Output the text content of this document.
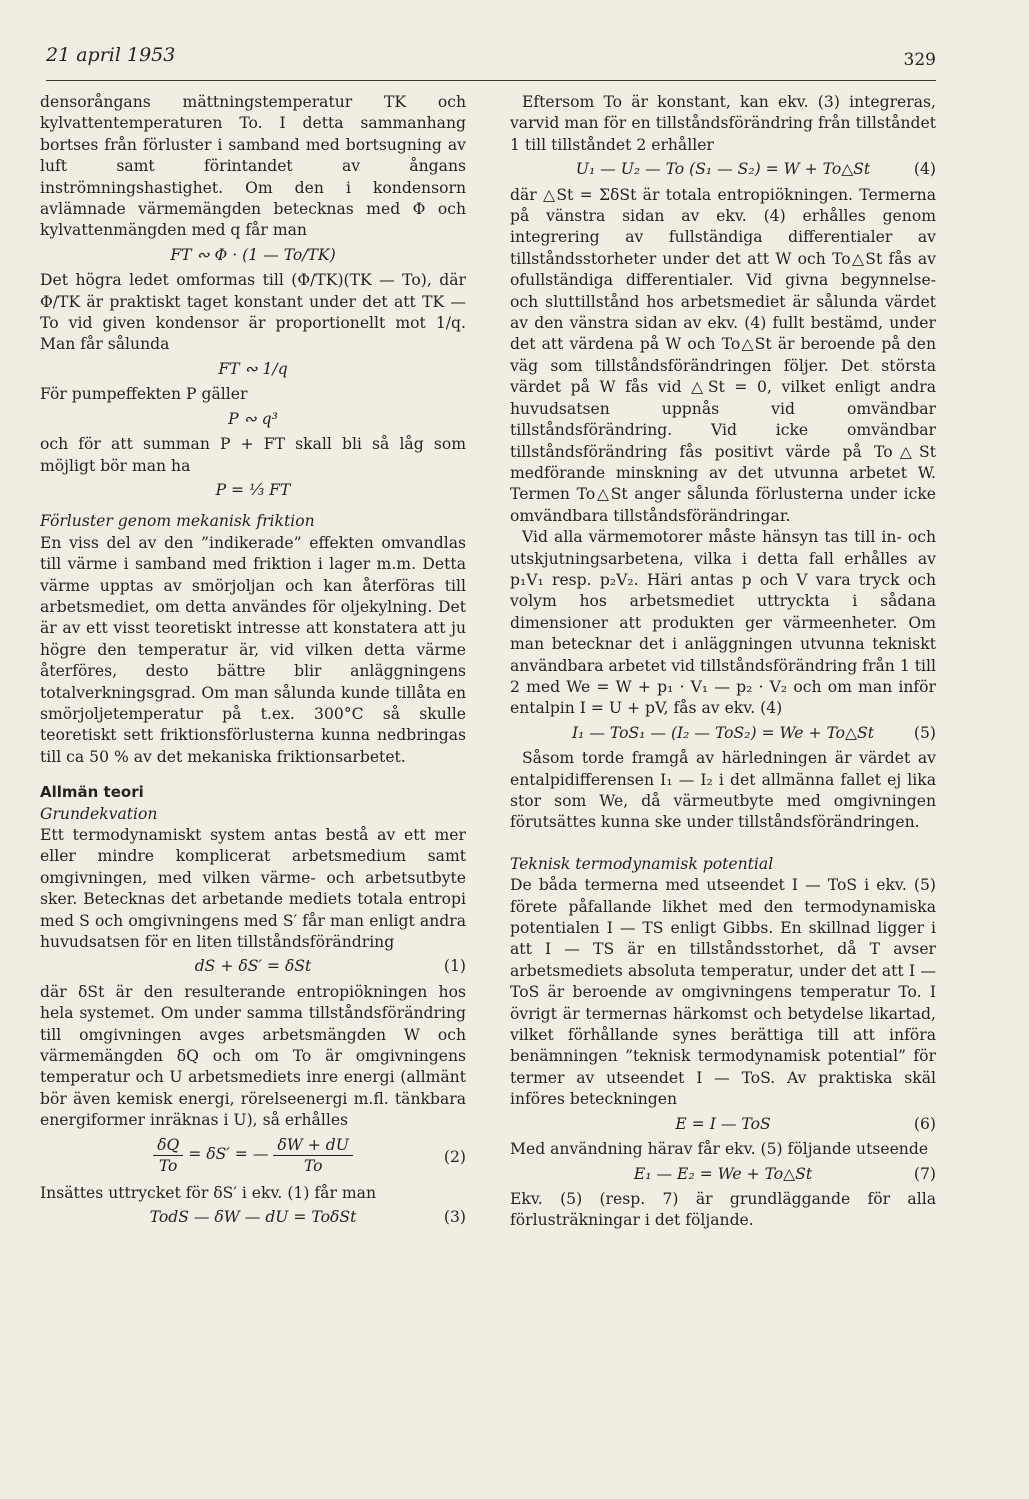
21 april 1953	329

densorångans mättningstemperatur TK och kylvattentemperaturen To. I detta sammanhang bortses från förluster i samband med bortsugning av luft samt förintandet av ångans inströmningshastighet. Om den i kondensorn avlämnade värmemängden betecknas med Φ och kylvattenmängden med q får man

FT ∾ Φ · (1 — To/TK)

Det högra ledet omformas till (Φ/TK)(TK — To), där Φ/TK är praktiskt taget konstant under det att TK — To vid given kondensor är proportionellt mot 1/q. Man får sålunda

FT ∾ 1/q

För pumpeffekten P gäller

P ∾ q³

och för att summan P + FT skall bli så låg som möjligt bör man ha

P = ⅓ FT

Förluster genom mekanisk friktion

En viss del av den ”indikerade” effekten omvandlas till värme i samband med friktion i lager m.m. Detta värme upptas av smörjoljan och kan återföras till arbetsmediet, om detta användes för oljekylning. Det är av ett visst teoretiskt intresse att konstatera att ju högre den temperatur är, vid vilken detta värme återföres, desto bättre blir anläggningens totalverkningsgrad. Om man sålunda kunde tillåta en smörjoljetemperatur på t.ex. 300°C så skulle teoretiskt sett friktionsförlusterna kunna nedbringas till ca 50 % av det mekaniska friktionsarbetet.

Allmän teori

Grundekvation

Ett termodynamiskt system antas bestå av ett mer eller mindre komplicerat arbetsmedium samt omgivningen, med vilken värme- och arbetsutbyte sker. Betecknas det arbetande mediets totala entropi med S och omgivningens med S′ får man enligt andra huvudsatsen för en liten tillståndsförändring

dS + δS′ = δSt	(1)

där δSt är den resulterande entropiökningen hos hela systemet. Om under samma tillståndsförändring till omgivningen avges arbetsmängden W och värmemängden δQ och om To är omgivningens temperatur och U arbetsmediets inre energi (allmänt bör även kemisk energi, rörelseenergi m.fl. tänkbara energiformer inräknas i U), så erhålles

$\frac{\delta Q}{To} = \delta S'$ = — $\frac{\delta W + dU}{To}$	(2)

Insättes uttrycket för δS′ i ekv. (1) får man

TodS — δW — dU = ToδSt	(3)

Eftersom To är konstant, kan ekv. (3) integreras, varvid man för en tillståndsförändring från tillståndet 1 till tillståndet 2 erhåller

U₁ — U₂ — To (S₁ — S₂) = W + To△St	(4)

där △St = ΣδSt är totala entropiökningen. Termerna på vänstra sidan av ekv. (4) erhålles genom integrering av fullständiga differentialer av tillståndsstorheter under det att W och To△St fås av ofullständiga differentialer. Vid givna begynnelse- och sluttillstånd hos arbetsmediet är sålunda värdet av den vänstra sidan av ekv. (4) fullt bestämd, under det att värdena på W och To△St är beroende på den väg som tillståndsförändringen följer. Det största värdet på W fås vid △St = 0, vilket enligt andra huvudsatsen uppnås vid omvändbar tillståndsförändring. Vid icke omvändbar tillståndsförändring fås positivt värde på To△St medförande minskning av det utvunna arbetet W. Termen To△St anger sålunda förlusterna under icke omvändbara tillståndsförändringar.

Vid alla värmemotorer måste hänsyn tas till in- och utskjutningsarbetena, vilka i detta fall erhålles av p₁V₁ resp. p₂V₂. Häri antas p och V vara tryck och volym hos arbetsmediet uttryckta i sådana dimensioner att produkten ger värmeenheter. Om man betecknar det i anläggningen utvunna tekniskt användbara arbetet vid tillståndsförändring från 1 till 2 med We = W + p₁ · V₁ — p₂ · V₂ och om man inför entalpin I = U + pV, fås av ekv. (4)

I₁ — ToS₁ — (I₂ — ToS₂) = We + To△St	(5)

Såsom torde framgå av härledningen är värdet av entalpidifferensen I₁ — I₂ i det allmänna fallet ej lika stor som We, då värmeutbyte med omgivningen förutsättes kunna ske under tillståndsförändringen.

Teknisk termodynamisk potential

De båda termerna med utseendet I — ToS i ekv. (5) förete påfallande likhet med den termodynamiska potentialen I — TS enligt Gibbs. En skillnad ligger i att I — TS är en tillståndsstorhet, då T avser arbetsmediets absoluta temperatur, under det att I — ToS är beroende av omgivningens temperatur To. I övrigt är termernas härkomst och betydelse likartad, vilket förhållande synes berättiga till att införa benämningen ”teknisk termodynamisk potential” för termer av utseendet I — ToS. Av praktiska skäl införes beteckningen

E = I — ToS	(6)

Med användning härav får ekv. (5) följande utseende

E₁ — E₂ = We + To△St	(7)

Ekv. (5) (resp. 7) är grundläggande för alla förlusträkningar i det följande.
